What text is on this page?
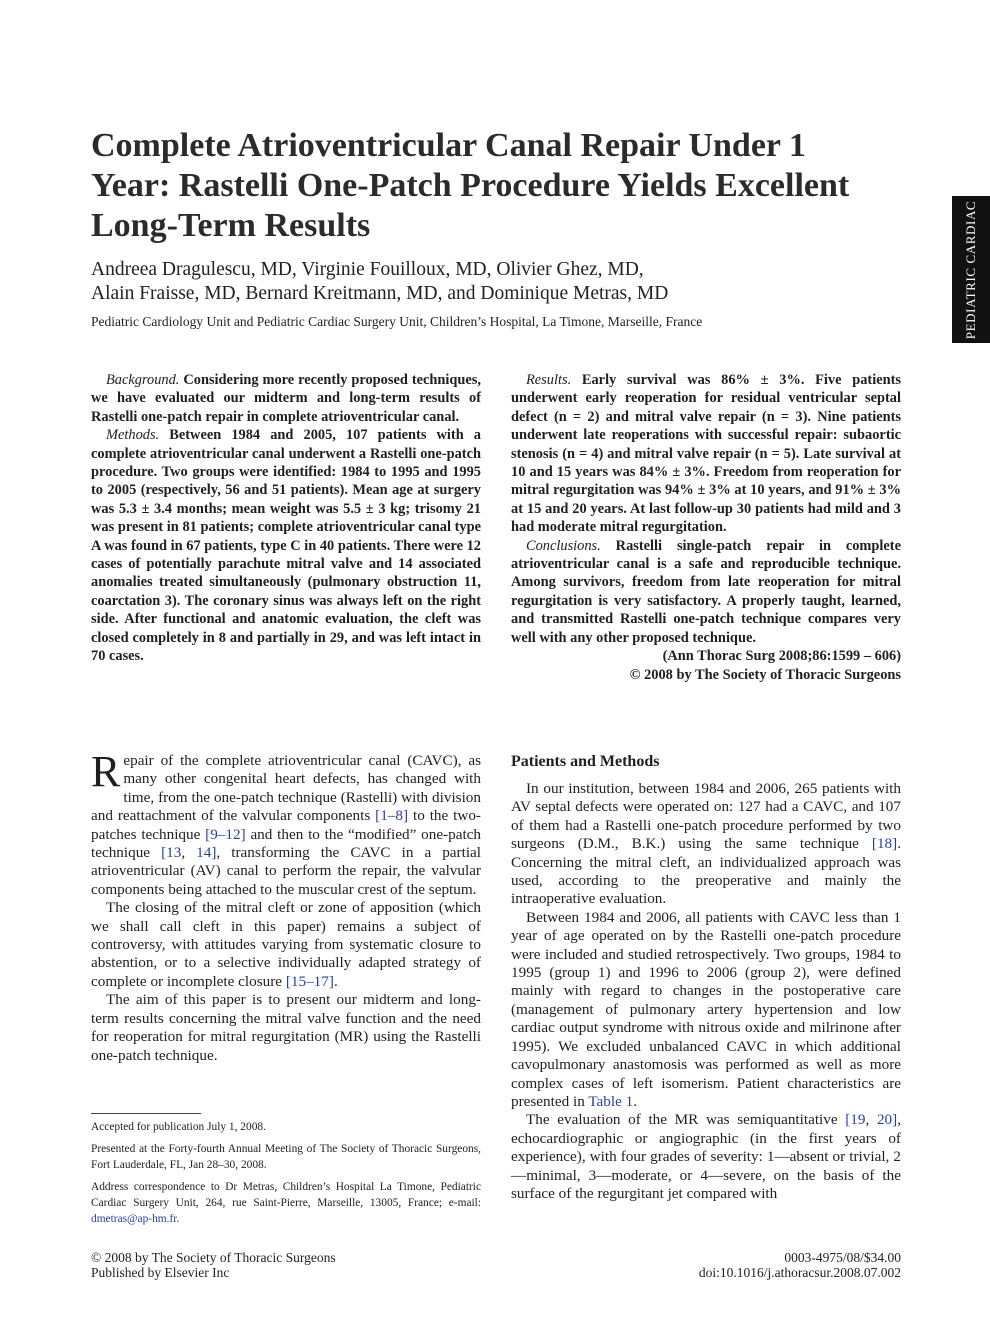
Complete Atrioventricular Canal Repair Under 1 Year: Rastelli One-Patch Procedure Yields Excellent Long-Term Results
Andreea Dragulescu, MD, Virginie Fouilloux, MD, Olivier Ghez, MD,
Alain Fraisse, MD, Bernard Kreitmann, MD, and Dominique Metras, MD
Pediatric Cardiology Unit and Pediatric Cardiac Surgery Unit, Children’s Hospital, La Timone, Marseille, France	PEDIATRIC CARDIAC

Background. Considering more recently proposed techniques, we have evaluated our midterm and long-term results of Rastelli one-patch repair in complete atrioventricular canal.

Methods. Between 1984 and 2005, 107 patients with a complete atrioventricular canal underwent a Rastelli one-patch procedure. Two groups were identified: 1984 to 1995 and 1995 to 2005 (respectively, 56 and 51 patients). Mean age at surgery was 5.3 ± 3.4 months; mean weight was 5.5 ± 3 kg; trisomy 21 was present in 81 patients; complete atrioventricular canal type A was found in 67 patients, type C in 40 patients. There were 12 cases of potentially parachute mitral valve and 14 associated anomalies treated simultaneously (pulmonary obstruction 11, coarctation 3). The coronary sinus was always left on the right side. After functional and anatomic evaluation, the cleft was closed completely in 8 and partially in 29, and was left intact in 70 cases.

Results. Early survival was 86% ± 3%. Five patients underwent early reoperation for residual ventricular septal defect (n = 2) and mitral valve repair (n = 3). Nine patients underwent late reoperations with successful repair: subaortic stenosis (n = 4) and mitral valve repair (n = 5). Late survival at 10 and 15 years was 84% ± 3%. Freedom from reoperation for mitral regurgitation was 94% ± 3% at 10 years, and 91% ± 3% at 15 and 20 years. At last follow-up 30 patients had mild and 3 had moderate mitral regurgitation.

Conclusions. Rastelli single-patch repair in complete atrioventricular canal is a safe and reproducible technique. Among survivors, freedom from late reoperation for mitral regurgitation is very satisfactory. A properly taught, learned, and transmitted Rastelli one-patch technique compares very well with any other proposed technique.

(Ann Thorac Surg 2008;86:1599 – 606)

© 2008 by The Society of Thoracic Surgeons

Repair of the complete atrioventricular canal (CAVC), as many other congenital heart defects, has changed with time, from the one-patch technique (Rastelli) with division and reattachment of the valvular components [1–8] to the two-patches technique [9–12] and then to the “modified” one-patch technique [13, 14], transforming the CAVC in a partial atrioventricular (AV) canal to perform the repair, the valvular components being attached to the muscular crest of the septum.

The closing of the mitral cleft or zone of apposition (which we shall call cleft in this paper) remains a subject of controversy, with attitudes varying from systematic closure to abstention, or to a selective individually adapted strategy of complete or incomplete closure [15–17].

The aim of this paper is to present our midterm and long-term results concerning the mitral valve function and the need for reoperation for mitral regurgitation (MR) using the Rastelli one-patch technique.

Patients and Methods

In our institution, between 1984 and 2006, 265 patients with AV septal defects were operated on: 127 had a CAVC, and 107 of them had a Rastelli one-patch procedure performed by two surgeons (D.M., B.K.) using the same technique [18]. Concerning the mitral cleft, an individualized approach was used, according to the preoperative and mainly the intraoperative evaluation.

Between 1984 and 2006, all patients with CAVC less than 1 year of age operated on by the Rastelli one-patch procedure were included and studied retrospectively. Two groups, 1984 to 1995 (group 1) and 1996 to 2006 (group 2), were defined mainly with regard to changes in the postoperative care (management of pulmonary artery hypertension and low cardiac output syndrome with nitrous oxide and milrinone after 1995). We excluded unbalanced CAVC in which additional cavopulmonary anastomosis was performed as well as more complex cases of left isomerism. Patient characteristics are presented in Table 1.

The evaluation of the MR was semiquantitative [19, 20], echocardiographic or angiographic (in the first years of experience), with four grades of severity: 1—absent or trivial, 2—minimal, 3—moderate, or 4—severe, on the basis of the surface of the regurgitant jet compared with

Accepted for publication July 1, 2008.

Presented at the Forty-fourth Annual Meeting of The Society of Thoracic Surgeons, Fort Lauderdale, FL, Jan 28–30, 2008.

Address correspondence to Dr Metras, Children’s Hospital La Timone, Pediatric Cardiac Surgery Unit, 264, rue Saint-Pierre, Marseille, 13005, France; e-mail: dmetras@ap-hm.fr.

© 2008 by The Society of Thoracic Surgeons
Published by Elsevier Inc
0003-4975/08/$34.00
doi:10.1016/j.athoracsur.2008.07.002
